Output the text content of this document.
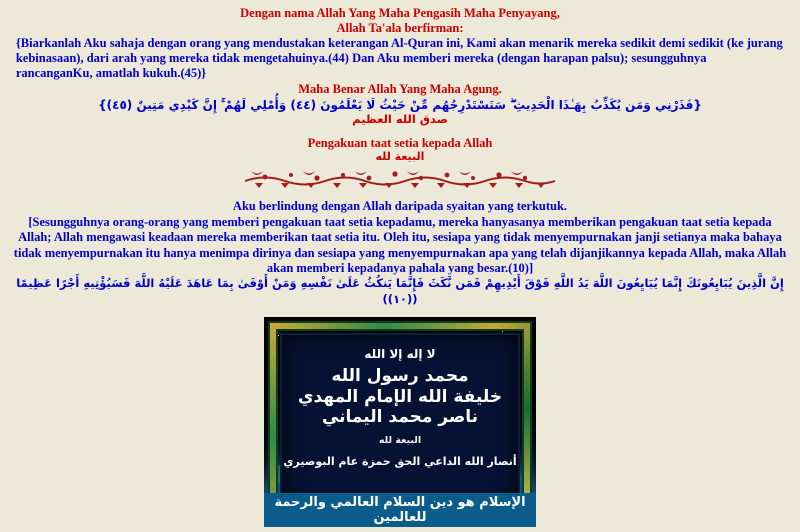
Dengan nama Allah Yang Maha Pengasih Maha Penyayang,

Allah Ta'ala berfirman:

{Biarkanlah Aku sahaja dengan orang yang mendustakan keterangan Al-Quran ini, Kami akan menarik mereka sedikit demi sedikit (ke jurang kebinasaan), dari arah yang mereka tidak mengetahuinya.(44) Dan Aku memberi mereka (dengan harapan palsu); sesungguhnya rancanganKu, amatlah kukuh.(45)}

Maha Benar Allah Yang Maha Agung.

{فَذَرْنِي وَمَن يُكَذِّبُ بِهَـٰذَا الْحَدِيثِ ۖ سَنَسْتَدْرِجُهُم مِّنْ حَيْثُ لَا يَعْلَمُونَ (٤٤) وَأُمْلِي لَهُمْ ۚ إِنَّ كَيْدِي مَتِينٌ (٤٥)}

صدق الله العظيم

Pengakuan taat setia kepada Allah

البيعة لله

Aku berlindung dengan Allah daripada syaitan yang terkutuk.

[Sesungguhnya orang-orang yang memberi pengakuan taat setia kepadamu, mereka hanyasanya memberikan pengakuan taat setia kepada Allah; Allah mengawasi keadaan mereka memberikan taat setia itu. Oleh itu, sesiapa yang tidak menyempurnakan janji setianya maka bahaya tidak menyempurnakan itu hanya menimpa dirinya dan sesiapa yang menyempurnakan apa yang telah dijanjikannya kepada Allah, maka Allah akan memberi kepadanya pahala yang besar.(10)]

إِنَّ الَّذِينَ يُبَايِعُونَكَ إِنَّمَا يُبَايِعُونَ اللَّهَ يَدُ اللَّهِ فَوْقَ أَيْدِيهِمْ فَمَن نَّكَثَ فَإِنَّمَا يَنكُثُ عَلَىٰ نَفْسِهِ وَمَنْ أَوْفَىٰ بِمَا عَاهَدَ عَلَيْهُ اللَّهَ فَسَيُؤْتِيهِ أَجْرًا عَظِيمًا ((١٠))

لا إله إلا الله
محمد رسول الله
خليفة الله الإمام المهدي ناصر محمد اليماني
البيعة لله
أنصار الله الداعي الحق حمزة عام البوصيري
الإسلام هو دين السلام العالمي والرحمة للعالمين
